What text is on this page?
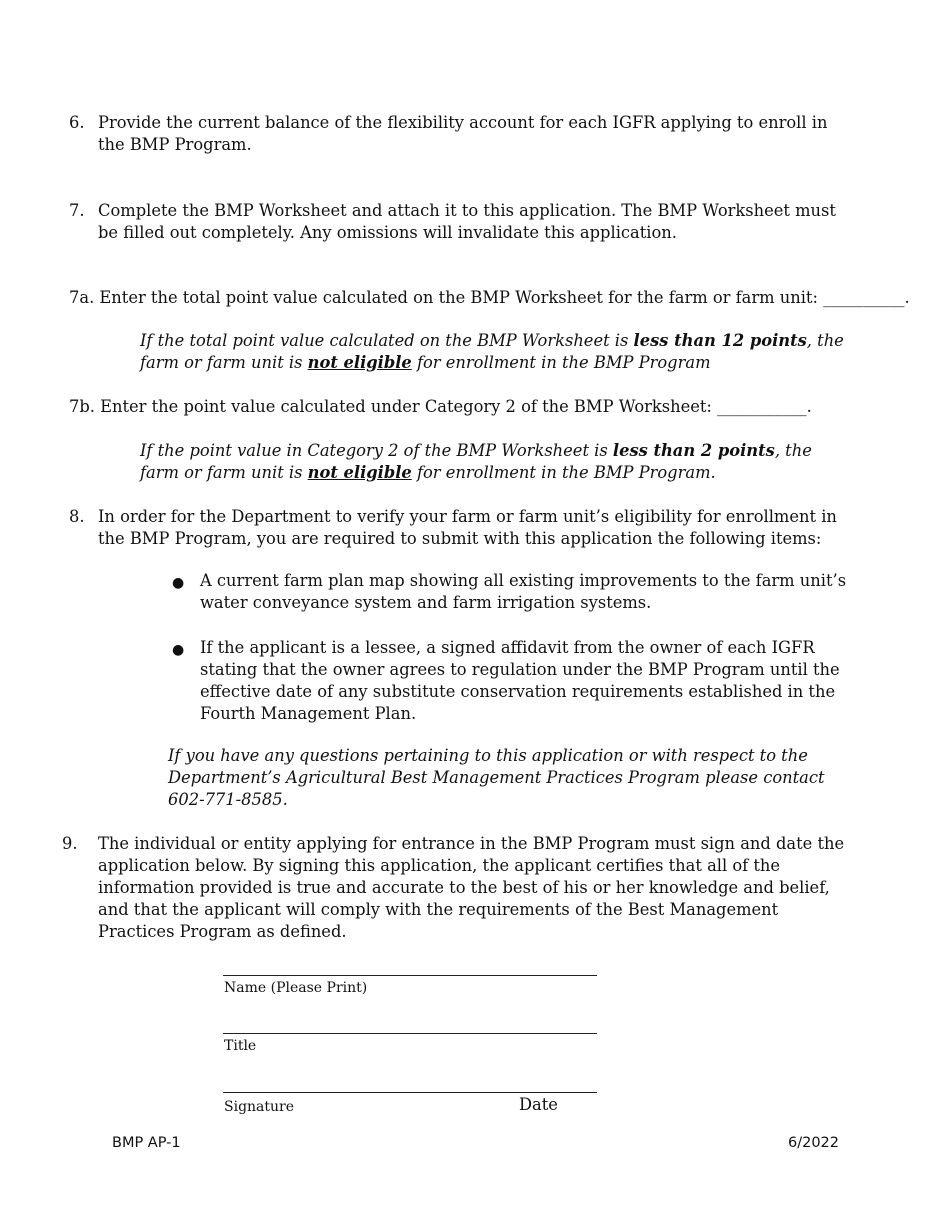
6. Provide the current balance of the flexibility account for each IGFR applying to enroll in the BMP Program.
7. Complete the BMP Worksheet and attach it to this application. The BMP Worksheet must be filled out completely. Any omissions will invalidate this application.
7a. Enter the total point value calculated on the BMP Worksheet for the farm or farm unit: __________.
If the total point value calculated on the BMP Worksheet is less than 12 points, the farm or farm unit is not eligible for enrollment in the BMP Program
7b. Enter the point value calculated under Category 2 of the BMP Worksheet: ___________.
If the point value in Category 2 of the BMP Worksheet is less than 2 points, the farm or farm unit is not eligible for enrollment in the BMP Program.
8. In order for the Department to verify your farm or farm unit’s eligibility for enrollment in the BMP Program, you are required to submit with this application the following items:
● A current farm plan map showing all existing improvements to the farm unit’s water conveyance system and farm irrigation systems.
● If the applicant is a lessee, a signed affidavit from the owner of each IGFR stating that the owner agrees to regulation under the BMP Program until the effective date of any substitute conservation requirements established in the Fourth Management Plan.
If you have any questions pertaining to this application or with respect to the Department’s Agricultural Best Management Practices Program please contact 602-771-8585.
9. The individual or entity applying for entrance in the BMP Program must sign and date the application below. By signing this application, the applicant certifies that all of the information provided is true and accurate to the best of his or her knowledge and belief, and that the applicant will comply with the requirements of the Best Management Practices Program as defined.
Name (Please Print)
Title
Signature	Date
BMP AP-1	6/2022
